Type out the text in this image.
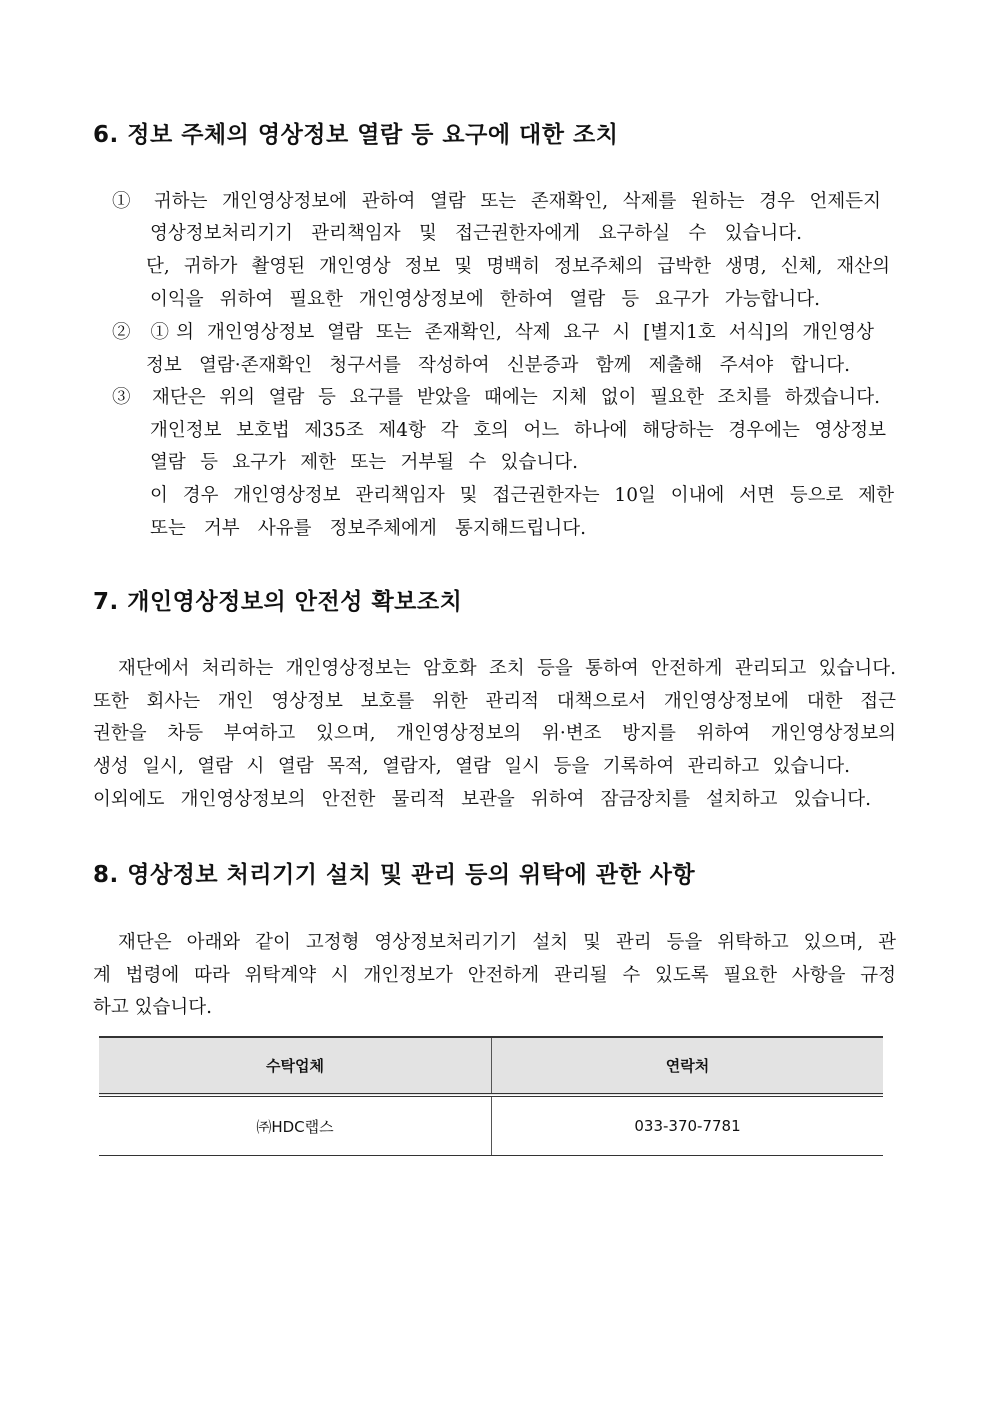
6. 정보 주체의 영상정보 열람 등 요구에 대한 조치

① 귀하는 개인영상정보에 관하여 열람 또는 존재확인, 삭제를 원하는 경우 언제든지

영상정보처리기기 관리책임자 및 접근권한자에게 요구하실 수 있습니다.

단, 귀하가 촬영된 개인영상 정보 및 명백히 정보주체의 급박한 생명, 신체, 재산의

이익을 위하여 필요한 개인영상정보에 한하여 열람 등 요구가 가능합니다.

② ①의 개인영상정보 열람 또는 존재확인, 삭제 요구 시 [별지1호 서식]의 개인영상

정보 열람·존재확인 청구서를 작성하여 신분증과 함께 제출해 주셔야 합니다.

③ 재단은 위의 열람 등 요구를 받았을 때에는 지체 없이 필요한 조치를 하겠습니다.

개인정보 보호법 제35조 제4항 각 호의 어느 하나에 해당하는 경우에는 영상정보

열람 등 요구가 제한 또는 거부될 수 있습니다.

이 경우 개인영상정보 관리책임자 및 접근권한자는 10일 이내에 서면 등으로 제한

또는 거부 사유를 정보주체에게 통지해드립니다.

7. 개인영상정보의 안전성 확보조치

재단에서 처리하는 개인영상정보는 암호화 조치 등을 통하여 안전하게 관리되고 있습니다.

또한 회사는 개인 영상정보 보호를 위한 관리적 대책으로서 개인영상정보에 대한 접근

권한을 차등 부여하고 있으며, 개인영상정보의 위·변조 방지를 위하여 개인영상정보의

생성 일시, 열람 시 열람 목적, 열람자, 열람 일시 등을 기록하여 관리하고 있습니다.

이외에도 개인영상정보의 안전한 물리적 보관을 위하여 잠금장치를 설치하고 있습니다.

8. 영상정보 처리기기 설치 및 관리 등의 위탁에 관한 사항

재단은 아래와 같이 고정형 영상정보처리기기 설치 및 관리 등을 위탁하고 있으며, 관

계 법령에 따라 위탁계약 시 개인정보가 안전하게 관리될 수 있도록 필요한 사항을 규정

하고 있습니다.

수탁업체	연락처
㈜HDC랩스	033-370-7781
